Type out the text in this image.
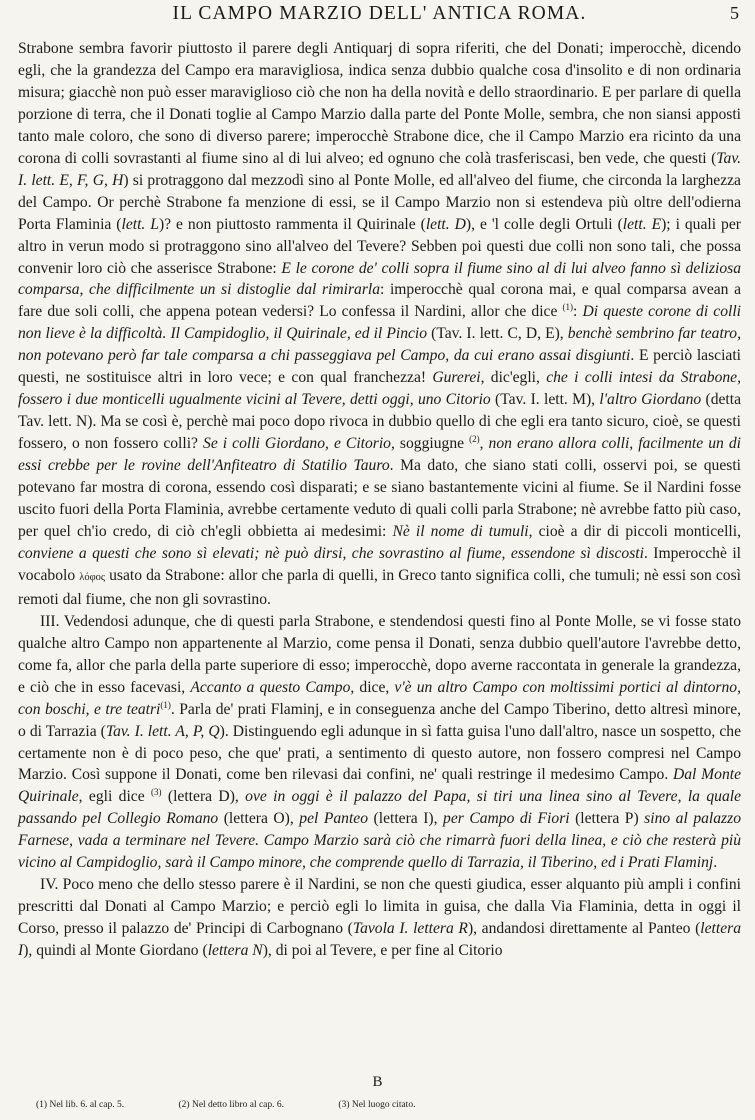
IL CAMPO MARZIO DELL' ANTICA ROMA.	5

Strabone sembra favorir piuttosto il parere degli Antiquarj di sopra riferiti, che del Donati; imperocchè, dicendo egli, che la grandezza del Campo era maravigliosa, indica senza dubbio qualche cosa d'insolito e di non ordinaria misura; giacchè non può esser maraviglioso ciò che non ha della novità e dello straordinario. E per parlare di quella porzione di terra, che il Donati toglie al Campo Marzio dalla parte del Ponte Molle, sembra, che non siansi apposti tanto male coloro, che sono di diverso parere; imperocchè Strabone dice, che il Campo Marzio era ricinto da una corona di colli sovrastanti al fiume sino al di lui alveo; ed ognuno che colà trasferiscasi, ben vede, che questi (Tav. I. lett. E, F, G, H) si protraggono dal mezzodì sino al Ponte Molle, ed all'alveo del fiume, che circonda la larghezza del Campo. Or perchè Strabone fa menzione di essi, se il Campo Marzio non si estendeva più oltre dell'odierna Porta Flaminia (lett. L)? e non piuttosto rammenta il Quirinale (lett. D), e 'l colle degli Ortuli (lett. E); i quali per altro in verun modo si protraggono sino all'alveo del Tevere? Sebben poi questi due colli non sono tali, che possa convenir loro ciò che asserisce Strabone: E le corone de' colli sopra il fiume sino al di lui alveo fanno sì deliziosa comparsa, che difficilmente un si distoglie dal rimirarla: imperocchè qual corona mai, e qual comparsa avean a fare due soli colli, che appena potean vedersi? Lo confessa il Nardini, allor che dice $^{(1)}$: Di queste corone di colli non lieve è la difficoltà. Il Campidoglio, il Quirinale, ed il Pincio (Tav. I. lett. C, D, E), benchè sembrino far teatro, non potevano però far tale comparsa a chi passeggiava pel Campo, da cui erano assai disgiunti. E perciò lasciati questi, ne sostituisce altri in loro vece; e con qual franchezza! Gurerei, dic'egli, che i colli intesi da Strabone, fossero i due monticelli ugualmente vicini al Tevere, detti oggi, uno Citorio (Tav. I. lett. M), l'altro Giordano (detta Tav. lett. N). Ma se così è, perchè mai poco dopo rivoca in dubbio quello di che egli era tanto sicuro, cioè, se questi fossero, o non fossero colli? Se i colli Giordano, e Citorio, soggiugne $^{(2)}$, non erano allora colli, facilmente un di essi crebbe per le rovine dell'Anfiteatro di Statilio Tauro. Ma dato, che siano stati colli, osservi poi, se questi potevano far mostra di corona, essendo così disparati; e se siano bastantemente vicini al fiume. Se il Nardini fosse uscito fuori della Porta Flaminia, avrebbe certamente veduto di quali colli parla Strabone; nè avrebbe fatto più caso, per quel ch'io credo, di ciò ch'egli obbietta ai medesimi: Nè il nome di tumuli, cioè a dir di piccoli monticelli, conviene a questi che sono sì elevati; nè può dirsi, che sovrastino al fiume, essendone sì discosti. Imperocchè il vocabolo λόφος usato da Strabone: allor che parla di quelli, in Greco tanto significa colli, che tumuli; nè essi son così remoti dal fiume, che non gli sovrastino.

III. Vedendosi adunque, che di questi parla Strabone, e stendendosi questi fino al Ponte Molle, se vi fosse stato qualche altro Campo non appartenente al Marzio, come pensa il Donati, senza dubbio quell'autore l'avrebbe detto, come fa, allor che parla della parte superiore di esso; imperocchè, dopo averne raccontata in generale la grandezza, e ciò che in esso facevasi, Accanto a questo Campo, dice, v'è un altro Campo con moltissimi portici al dintorno, con boschi, e tre teatri$^{(1)}$. Parla de' prati Flaminj, e in conseguenza anche del Campo Tiberino, detto altresì minore, o di Tarrazia (Tav. I. lett. A, P, Q). Distinguendo egli adunque in sì fatta guisa l'uno dall'altro, nasce un sospetto, che certamente non è di poco peso, che que' prati, a sentimento di questo autore, non fossero compresi nel Campo Marzio. Così suppone il Donati, come ben rilevasi dai confini, ne' quali restringe il medesimo Campo. Dal Monte Quirinale, egli dice $^{(3)}$ (lettera D), ove in oggi è il palazzo del Papa, si tiri una linea sino al Tevere, la quale passando pel Collegio Romano (lettera O), pel Panteo (lettera I), per Campo di Fiori (lettera P) sino al palazzo Farnese, vada a terminare nel Tevere. Campo Marzio sarà ciò che rimarrà fuori della linea, e ciò che resterà più vicino al Campidoglio, sarà il Campo minore, che comprende quello di Tarrazia, il Tiberino, ed i Prati Flaminj.

IV. Poco meno che dello stesso parere è il Nardini, se non che questi giudica, esser alquanto più ampli i confini prescritti dal Donati al Campo Marzio; e perciò egli lo limita in guisa, che dalla Via Flaminia, detta in oggi il Corso, presso il palazzo de' Principi di Carbognano (Tavola I. lettera R), andandosi direttamente al Panteo (lettera I), quindi al Monte Giordano (lettera N), di poi al Tevere, e per fine al Citorio

B
(1) Nel lib. 6. al cap. 5.	(2) Nel detto libro al cap. 6.	(3) Nel luogo citato.
